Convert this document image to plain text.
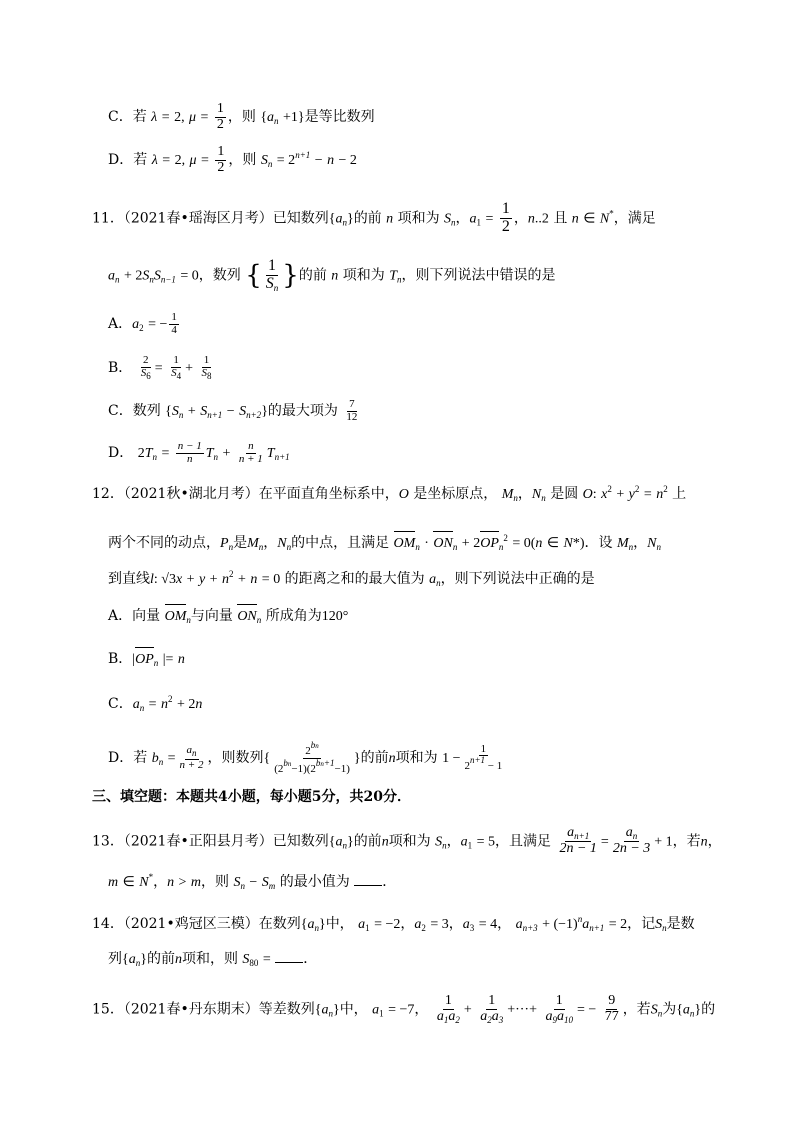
C．若 λ = 2, $\mu = \frac{1}{2}$ ，则 $\{a_n +1\}$是等比数列
D．若 λ = 2, $\mu = \frac{1}{2}$ ，则 $S_n = 2^{n+1} - n - 2$
11．（2021春•瑶海区月考）已知数列$\{a_n\}$的前 n 项和为 $S_n$，$a_1 = \frac{1}{2}$ ，n..2 且 n ∈ N*，满足
$a_n + 2S_nS_{n-1} = 0$，数列 { $\frac{1}{S_n}$ }的前 n 项和为 $T_n$，则下列说法中错误的是
A．$a_2$ = − $\frac{1}{4}$
B． $\frac{2}{S_6} = \frac{1}{S_4} + \frac{1}{S_8}$
C．数列 $\{S_n + S_{n+1} - S_{n+2}\}$的最大项为 $\frac{7}{12}$
D． $2T_n = \frac{n - 1}{n} T_n + \frac{n}{n + 1} T_{n+1}$
12．（2021秋•湖北月考）在平面直角坐标系中，O 是坐标原点， $M_n$，$N_n$ 是圆 O: $x^2 + y^2 = n^2$ 上
两个不同的动点，$P_n$是$M_n$，$N_n$的中点，且满足 $OM_n \cdot ON_n + 2OP_n^2 = 0(n$ ∈ N*)．设 $M_n$，$N_n$
到直线l: $√3x + y + n^2 + n = 0$ 的距离之和的最大值为 $a_n$，则下列说法中正确的是
A．向量 $OM_n$与向量 $ON_n$ 所成角为120°
B．$|OP_n$ |= n
C．$a_n = n^2 + 2n$
D．若 $b_n = \frac{a_n}{n + 2}$ ，则数列{ $\frac{2^{bn}}{(2^{bn}-1)(2^{bn+1}-1)}$ }的前n项和为 $1 - \frac{1}{2^{n+1} - 1}$
三、填空题：本题共4小题，每小题5分，共20分．
13．（2021春•正阳县月考）已知数列$\{a_n\}$的前n项和为 $S_n$，$a_1 = 5$，且满足 $\frac{a_{n+1}}{2n - 1} = \frac{a_n}{2n - 3} + 1$，若n，
m ∈ N*，n > m，则 $S_n - S_m$ 的最小值为 ．
14．（2021•鸡冠区三模）在数列$\{a_n\}$中， $a_1 = -2$，$a_2 = 3$，$a_3 = 4$， $a_{n+3} + (-1)^na_{n+1} = 2$，记$S_n$是数
列$\{a_n\}$的前n项和，则 $S_{80}$ = ．
15．（2021春•丹东期末）等差数列$\{a_n\}$中， $a_1 = -7$， $\frac{1}{a_1a_2} + \frac{1}{a_2a_3}$ +···+ $\frac{1}{a_9a_{10}}$ = − $\frac{9}{77}$ ，若$S_n$为$\{a_n\}$的
